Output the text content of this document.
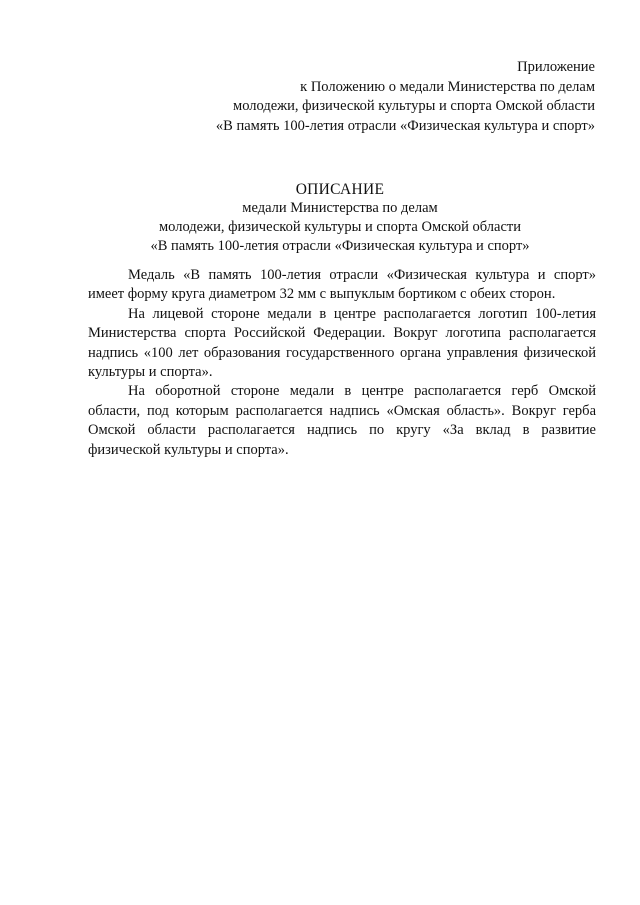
Приложение
к Положению о медали Министерства по делам
молодежи, физической культуры и спорта Омской области
«В память 100-летия отрасли «Физическая культура и спорт»
ОПИСАНИЕ
медали Министерства по делам
молодежи, физической культуры и спорта Омской области
«В память 100-летия отрасли «Физическая культура и спорт»

Медаль «В память 100-летия отрасли «Физическая культура и спорт» имеет форму круга диаметром 32 мм с выпуклым бортиком с обеих сторон.

На лицевой стороне медали в центре располагается логотип 100-летия Министерства спорта Российской Федерации. Вокруг логотипа располагается надпись «100 лет образования государственного органа управления физической культуры и спорта».

На оборотной стороне медали в центре располагается герб Омской области, под которым располагается надпись «Омская область». Вокруг герба Омской области располагается надпись по кругу «За вклад в развитие физической культуры и спорта».
